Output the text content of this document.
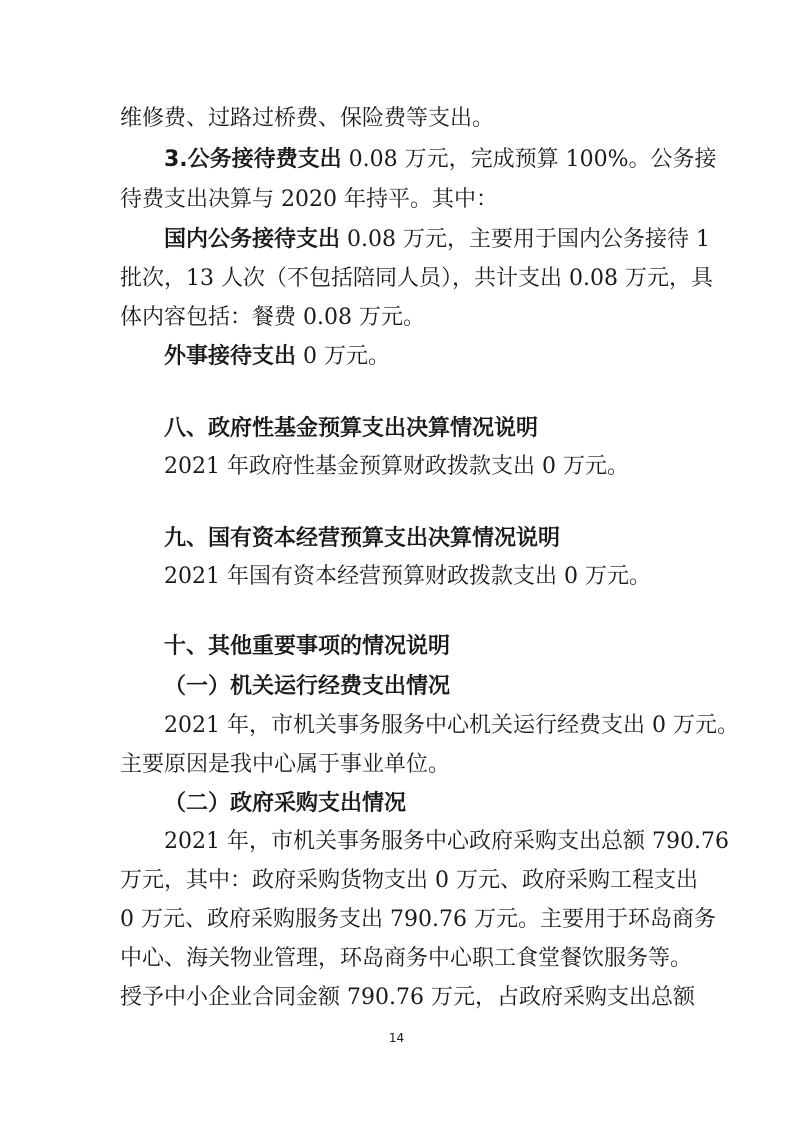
维修费、过路过桥费、保险费等支出。
3.公务接待费支出 0.08 万元，完成预算 100%。公务接
待费支出决算与 2020 年持平。其中：
国内公务接待支出 0.08 万元，主要用于国内公务接待 1
批次，13 人次（不包括陪同人员），共计支出 0.08 万元，具
体内容包括：餐费 0.08 万元。
外事接待支出 0 万元。
八、政府性基金预算支出决算情况说明
2021 年政府性基金预算财政拨款支出 0 万元。
九、国有资本经营预算支出决算情况说明
2021 年国有资本经营预算财政拨款支出 0 万元。
十、其他重要事项的情况说明
（一）机关运行经费支出情况
2021 年，市机关事务服务中心机关运行经费支出 0 万元。
主要原因是我中心属于事业单位。
（二）政府采购支出情况
2021 年，市机关事务服务中心政府采购支出总额 790.76
万元，其中：政府采购货物支出 0 万元、政府采购工程支出
0 万元、政府采购服务支出 790.76 万元。主要用于环岛商务
中心、海关物业管理，环岛商务中心职工食堂餐饮服务等。
授予中小企业合同金额 790.76 万元，占政府采购支出总额
14
